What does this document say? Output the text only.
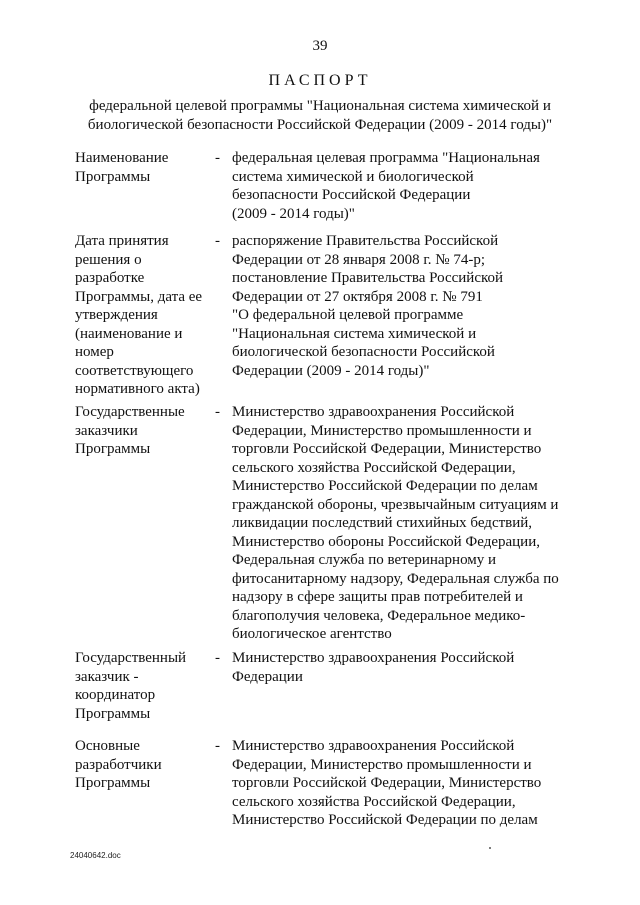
39
ПАСПОРТ
федеральной целевой программы "Национальная система химической и
биологической безопасности Российской Федерации (2009 - 2014 годы)"
Наименование
Программы
- федеральная целевая программа "Национальная
система химической и биологической
безопасности Российской Федерации
(2009 - 2014 годы)"
Дата принятия
решения о
разработке
Программы, дата ее
утверждения
(наименование и
номер
соответствующего
нормативного акта)
- распоряжение Правительства Российской
Федерации от 28 января 2008 г. № 74-р;
постановление Правительства Российской
Федерации от 27 октября 2008 г. № 791
"О федеральной целевой программе
"Национальная система химической и
биологической безопасности Российской
Федерации (2009 - 2014 годы)"
Государственные
заказчики
Программы
- Министерство здравоохранения Российской
Федерации, Министерство промышленности и
торговли Российской Федерации, Министерство
сельского хозяйства Российской Федерации,
Министерство Российской Федерации по делам
гражданской обороны, чрезвычайным ситуациям и
ликвидации последствий стихийных бедствий,
Министерство обороны Российской Федерации,
Федеральная служба по ветеринарному и
фитосанитарному надзору, Федеральная служба по
надзору в сфере защиты прав потребителей и
благополучия человека, Федеральное медико-
биологическое агентство
Государственный
заказчик -
координатор
Программы
- Министерство здравоохранения Российской
Федерации
Основные
разработчики
Программы
- Министерство здравоохранения Российской
Федерации, Министерство промышленности и
торговли Российской Федерации, Министерство
сельского хозяйства Российской Федерации,
Министерство Российской Федерации по делам
24040642.doc
